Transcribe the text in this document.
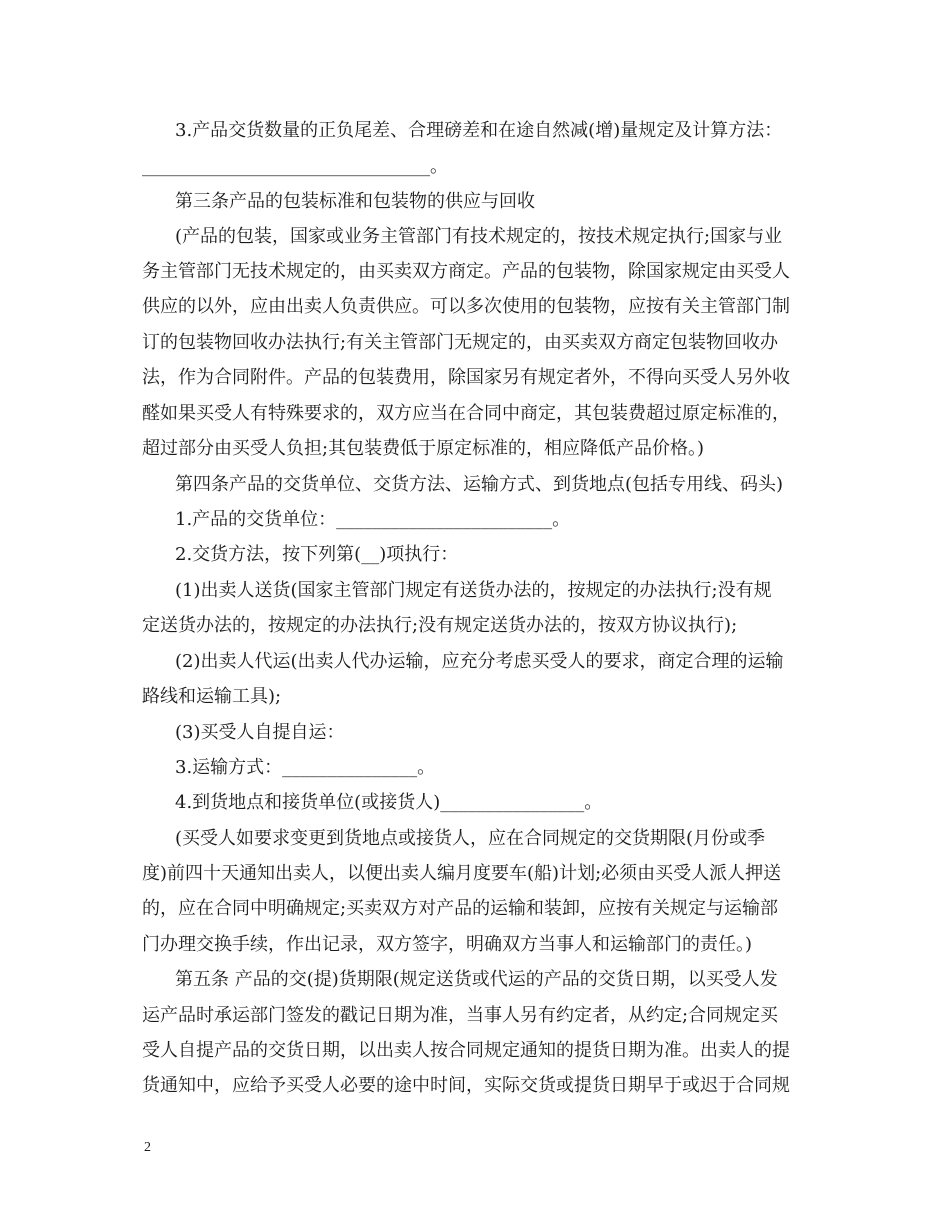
3.产品交货数量的正负尾差、合理磅差和在途自然减(增)量规定及计算方法：
________________________________。
第三条产品的包装标准和包装物的供应与回收
(产品的包装，国家或业务主管部门有技术规定的，按技术规定执行;国家与业
务主管部门无技术规定的，由买卖双方商定。产品的包装物，除国家规定由买受人
供应的以外，应由出卖人负责供应。可以多次使用的包装物，应按有关主管部门制
订的包装物回收办法执行;有关主管部门无规定的，由买卖双方商定包装物回收办
法，作为合同附件。产品的包装费用，除国家另有规定者外，不得向买受人另外收
醛如果买受人有特殊要求的，双方应当在合同中商定，其包装费超过原定标准的，
超过部分由买受人负担;其包装费低于原定标准的，相应降低产品价格。)
第四条产品的交货单位、交货方法、运输方式、到货地点(包括专用线、码头)
1.产品的交货单位：________________________。
2.交货方法，按下列第(__)项执行：
(1)出卖人送货(国家主管部门规定有送货办法的，按规定的办法执行;没有规
定送货办法的，按规定的办法执行;没有规定送货办法的，按双方协议执行);
(2)出卖人代运(出卖人代办运输，应充分考虑买受人的要求，商定合理的运输
路线和运输工具);
(3)买受人自提自运：
3.运输方式：_______________。
4.到货地点和接货单位(或接货人)________________。
(买受人如要求变更到货地点或接货人，应在合同规定的交货期限(月份或季
度)前四十天通知出卖人，以便出卖人编月度要车(船)计划;必须由买受人派人押送
的，应在合同中明确规定;买卖双方对产品的运输和装卸，应按有关规定与运输部
门办理交换手续，作出记录，双方签字，明确双方当事人和运输部门的责任。)
第五条 产品的交(提)货期限(规定送货或代运的产品的交货日期，以买受人发
运产品时承运部门签发的戳记日期为准，当事人另有约定者，从约定;合同规定买
受人自提产品的交货日期，以出卖人按合同规定通知的提货日期为准。出卖人的提
货通知中，应给予买受人必要的途中时间，实际交货或提货日期早于或迟于合同规
2
